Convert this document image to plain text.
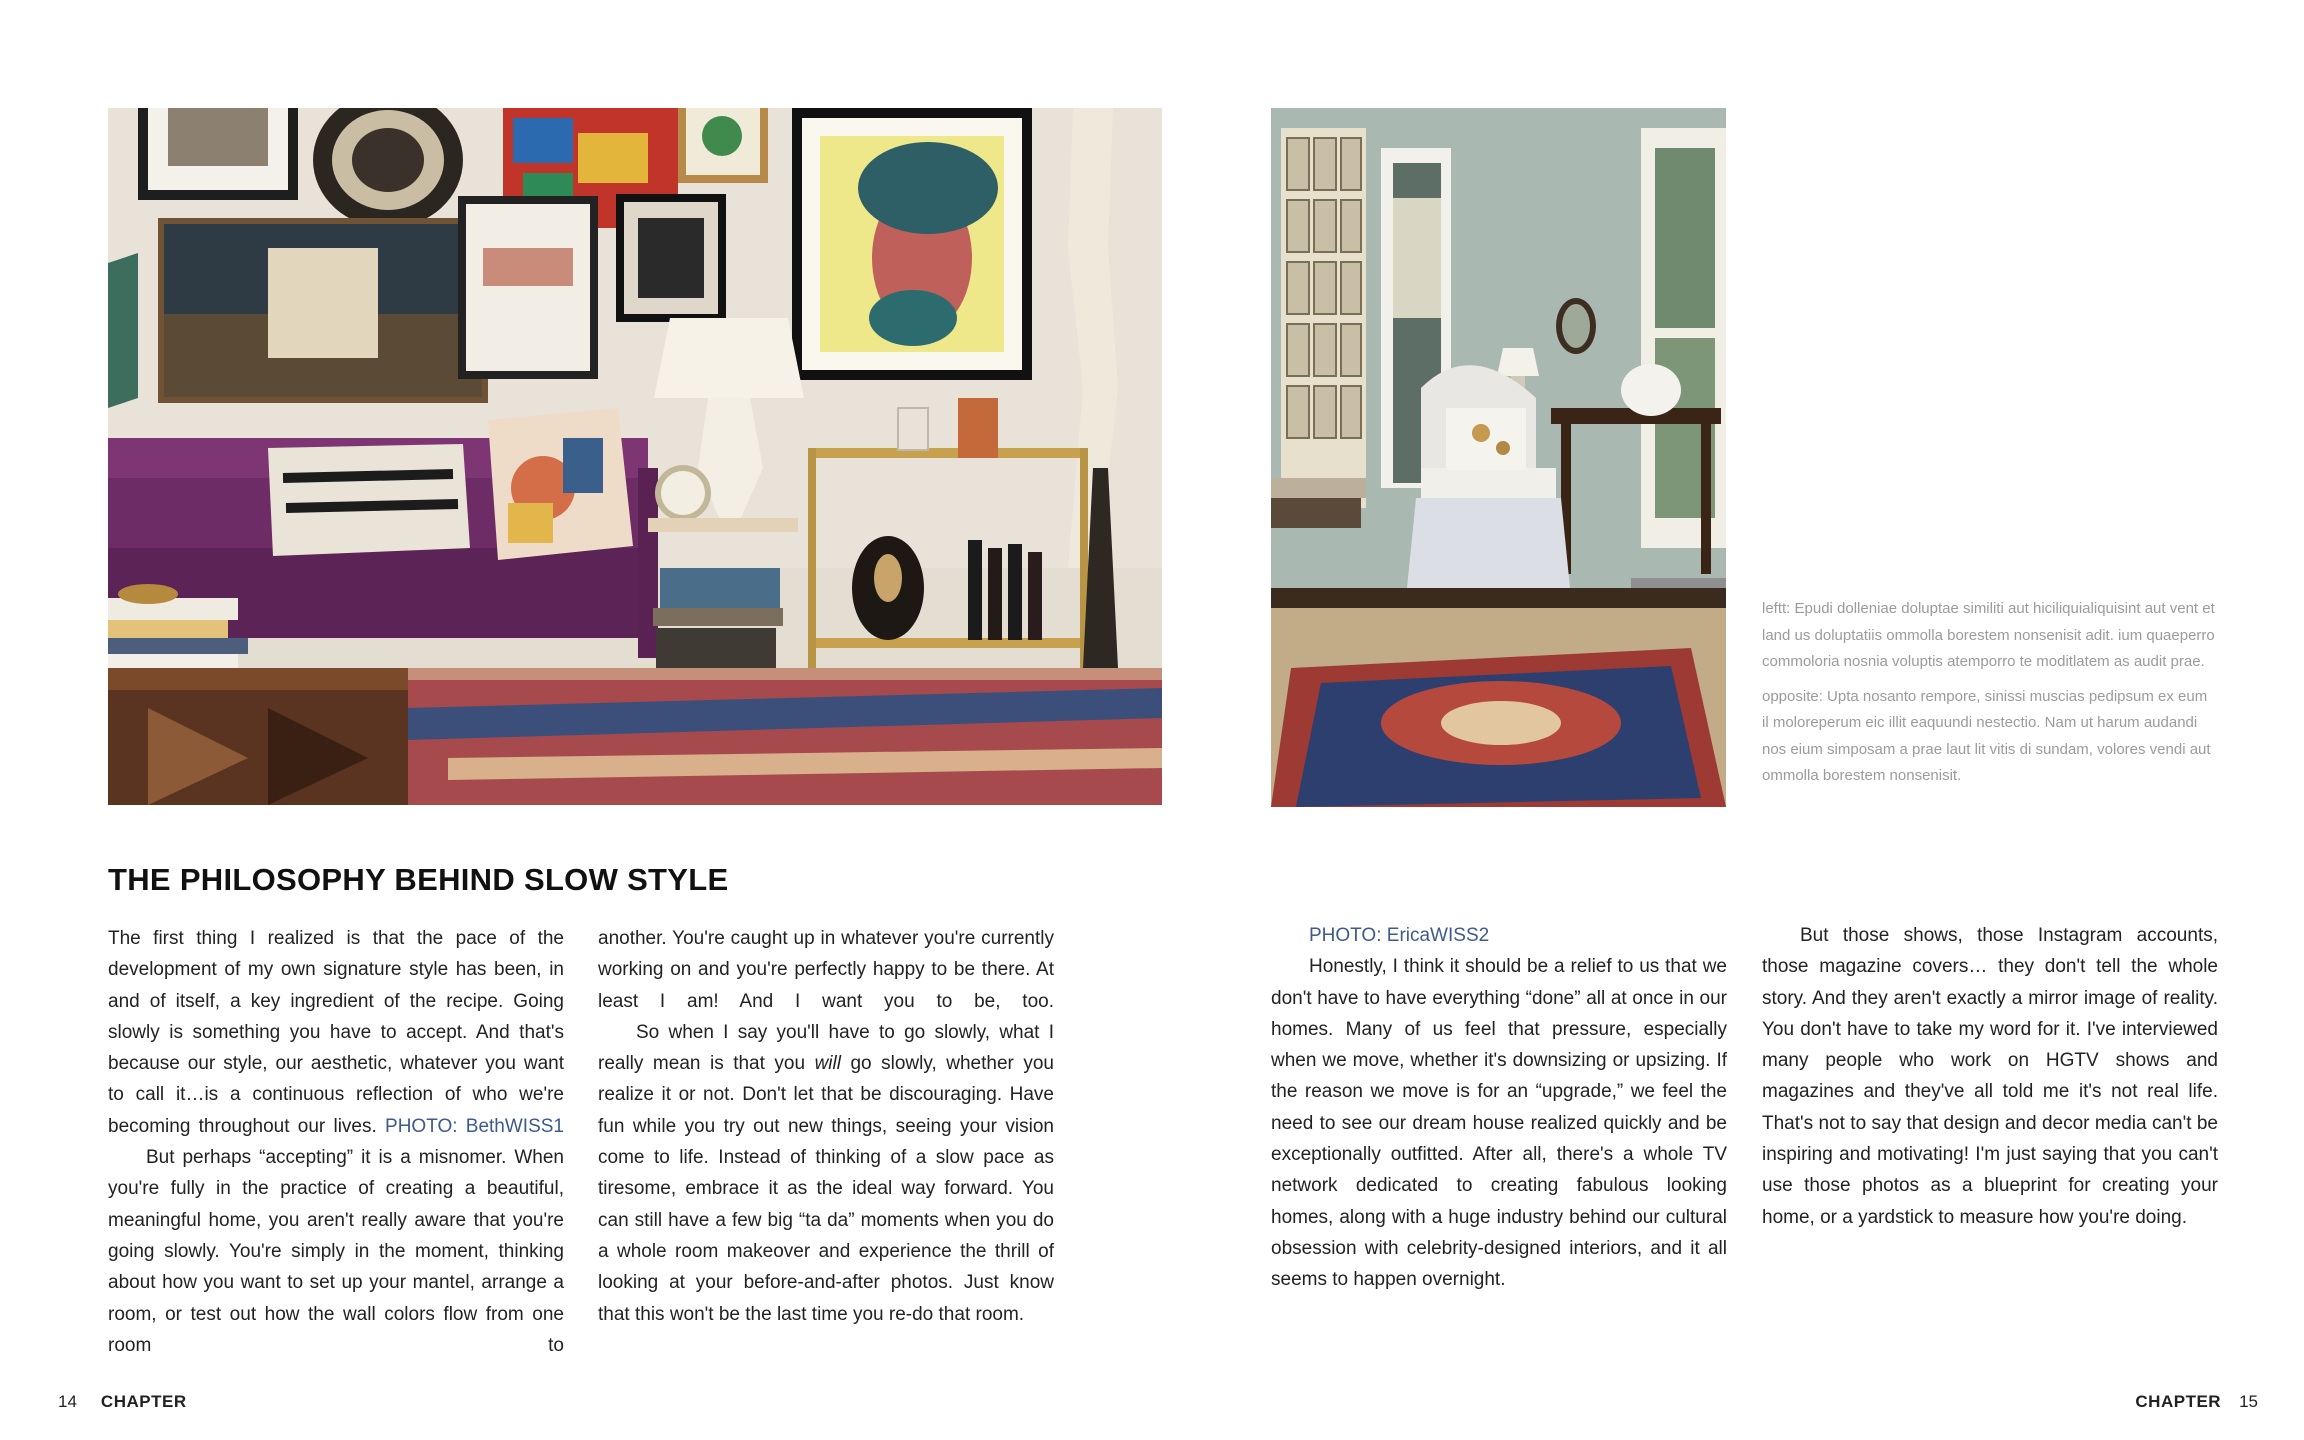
leftt: Epudi dolleniae doluptae similiti aut hiciliquialiquisint aut vent et land us doluptatiis ommolla borestem nonsenisit adit. ium quaeperro commoloria nosnia voluptis atemporro te moditlatem as audit prae.

opposite: Upta nosanto rempore, sinissi muscias pedipsum ex eum il moloreperum eic illit eaquundi nestectio. Nam ut harum audandi nos eium simposam a prae laut lit vitis di sundam, volores vendi aut ommolla borestem nonsenisit.

THE PHILOSOPHY BEHIND SLOW STYLE

The first thing I realized is that the pace of the development of my own signature style has been, in and of itself, a key ingredient of the recipe. Going slowly is something you have to accept. And that's because our style, our aesthetic, whatever you want to call it…is a continuous reflection of who we're becoming throughout our lives. PHOTO: BethWISS1

But perhaps “accepting” it is a misnomer. When you're fully in the practice of creating a beautiful, meaningful home, you aren't really aware that you're going slowly. You're simply in the moment, thinking about how you want to set up your mantel, arrange a room, or test out how the wall colors flow from one room to

another. You're caught up in whatever you're currently working on and you're perfectly happy to be there. At least I am! And I want you to be, too.

So when I say you'll have to go slowly, what I really mean is that you will go slowly, whether you realize it or not. Don't let that be discouraging. Have fun while you try out new things, seeing your vision come to life. Instead of thinking of a slow pace as tiresome, embrace it as the ideal way forward. You can still have a few big “ta da” moments when you do a whole room makeover and experience the thrill of looking at your before-and-after photos. Just know that this won't be the last time you re-do that room.

PHOTO: EricaWISS2

Honestly, I think it should be a relief to us that we don't have to have everything “done” all at once in our homes. Many of us feel that pressure, especially when we move, whether it's downsizing or upsizing. If the reason we move is for an “upgrade,” we feel the need to see our dream house realized quickly and be exceptionally outfitted. After all, there's a whole TV network dedicated to creating fabulous looking homes, along with a huge industry behind our cultural obsession with celebrity-designed interiors, and it all seems to happen overnight.

But those shows, those Instagram accounts, those magazine covers… they don't tell the whole story. And they aren't exactly a mirror image of reality. You don't have to take my word for it. I've interviewed many people who work on HGTV shows and magazines and they've all told me it's not real life. That's not to say that design and decor media can't be inspiring and motivating! I'm just saying that you can't use those photos as a blueprint for creating your home, or a yardstick to measure how you're doing.

14 CHAPTER	CHAPTER 15
